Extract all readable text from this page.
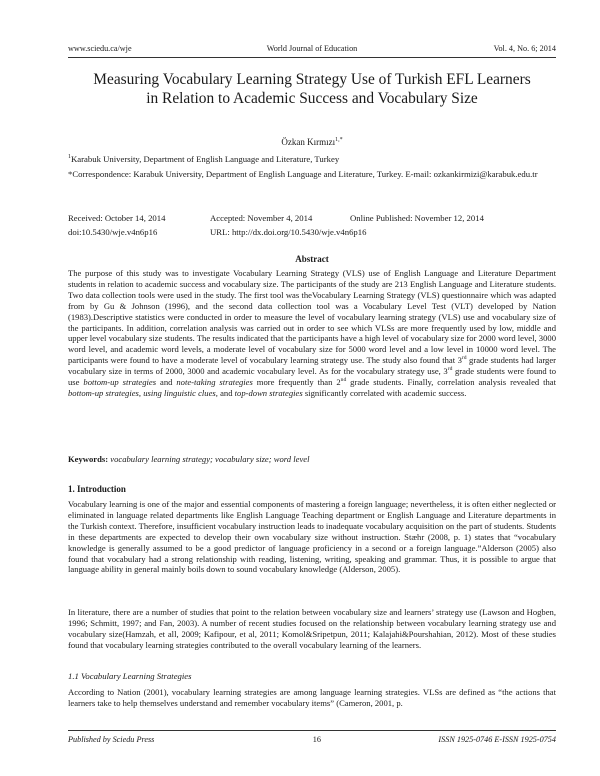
www.sciedu.ca/wje	World Journal of Education	Vol. 4, No. 6; 2014
Measuring Vocabulary Learning Strategy Use of Turkish EFL Learners
in Relation to Academic Success and Vocabulary Size
Özkan Kırmızı$^{1,*}$
$^1$Karabuk University, Department of English Language and Literature, Turkey
*Correspondence: Karabuk University, Department of English Language and Literature, Turkey. E-mail: ozkankirmizi@karabuk.edu.tr
Received: October 14, 2014	Accepted: November 4, 2014	Online Published: November 12, 2014
doi:10.5430/wje.v4n6p16	URL: http://dx.doi.org/10.5430/wje.v4n6p16
Abstract
The purpose of this study was to investigate Vocabulary Learning Strategy (VLS) use of English Language and Literature Department students in relation to academic success and vocabulary size. The participants of the study are 213 English Language and Literature students. Two data collection tools were used in the study. The first tool was theVocabulary Learning Strategy (VLS) questionnaire which was adapted from by Gu & Johnson (1996), and the second data collection tool was a Vocabulary Level Test (VLT) developed by Nation (1983).Descriptive statistics were conducted in order to measure the level of vocabulary learning strategy (VLS) use and vocabulary size of the participants. In addition, correlation analysis was carried out in order to see which VLSs are more frequently used by low, middle and upper level vocabulary size students. The results indicated that the participants have a high level of vocabulary size for 2000 word level, 3000 word level, and academic word levels, a moderate level of vocabulary size for 5000 word level and a low level in 10000 word level. The participants were found to have a moderate level of vocabulary learning strategy use. The study also found that 3rd grade students had larger vocabulary size in terms of 2000, 3000 and academic vocabulary level. As for the vocabulary strategy use, 3rd grade students were found to use bottom-up strategies and note-taking strategies more frequently than 2nd grade students. Finally, correlation analysis revealed that bottom-up strategies, using linguistic clues, and top-down strategies significantly correlated with academic success.
Keywords: vocabulary learning strategy; vocabulary size; word level
1. Introduction
Vocabulary learning is one of the major and essential components of mastering a foreign language; nevertheless, it is often either neglected or eliminated in language related departments like English Language Teaching department or English Language and Literature departments in the Turkish context. Therefore, insufficient vocabulary instruction leads to inadequate vocabulary acquisition on the part of students. Students in these departments are expected to develop their own vocabulary size without instruction. Stæhr (2008, p. 1) states that “vocabulary knowledge is generally assumed to be a good predictor of language proficiency in a second or a foreign language.”Alderson (2005) also found that vocabulary had a strong relationship with reading, listening, writing, speaking and grammar. Thus, it is possible to argue that language ability in general mainly boils down to sound vocabulary knowledge (Alderson, 2005).
In literature, there are a number of studies that point to the relation between vocabulary size and learners’ strategy use (Lawson and Hogben, 1996; Schmitt, 1997; and Fan, 2003). A number of recent studies focused on the relationship between vocabulary learning strategy use and vocabulary size(Hamzah, et all, 2009; Kafipour, et al, 2011; Komol&Sripetpun, 2011; Kalajahi&Pourshahian, 2012). Most of these studies found that vocabulary learning strategies contributed to the overall vocabulary learning of the learners.
1.1 Vocabulary Learning Strategies
According to Nation (2001), vocabulary learning strategies are among language learning strategies. VLSs are defined as “the actions that learners take to help themselves understand and remember vocabulary items” (Cameron, 2001, p.
Published by Sciedu Press	16	ISSN 1925-0746 E-ISSN 1925-0754
